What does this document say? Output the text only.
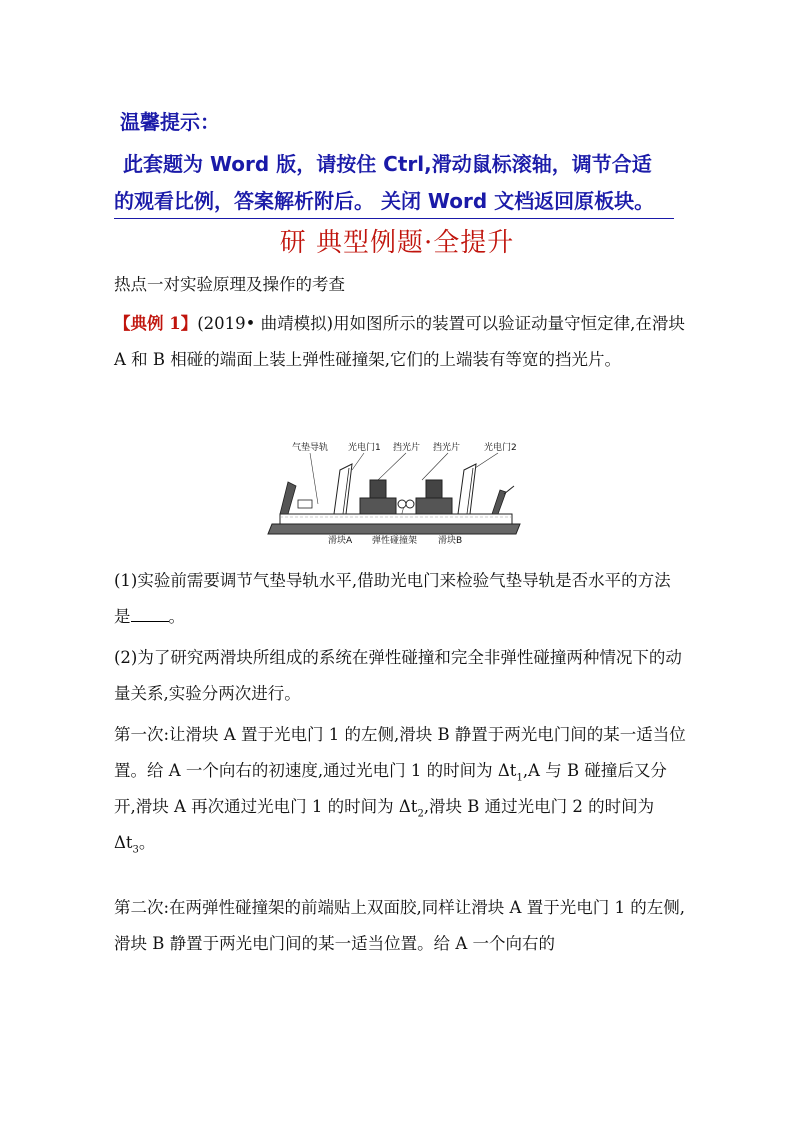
温馨提示：
此套题为 Word 版，请按住 Ctrl,滑动鼠标滚轴，调节合适
的观看比例，答案解析附后。 关闭 Word 文档返回原板块。
研 典型例题·全提升

热点一对实验原理及操作的考查

【典例 1】(2019• 曲靖模拟)用如图所示的装置可以验证动量守恒定律,在滑块 A 和 B 相碰的端面上装上弹性碰撞架,它们的上端装有等宽的挡光片。

气垫导轨 光电门1 挡光片 挡光片	光电门2
滑块A 弹性碰撞架 滑块B

(1)实验前需要调节气垫导轨水平,借助光电门来检验气垫导轨是否水平的方法是 。

(2)为了研究两滑块所组成的系统在弹性碰撞和完全非弹性碰撞两种情况下的动量关系,实验分两次进行。

第一次:让滑块 A 置于光电门 1 的左侧,滑块 B 静置于两光电门间的某一适当位置。给 A 一个向右的初速度,通过光电门 1 的时间为 $\Delta t_1,A$ 与 B 碰撞后又分开,滑块 A 再次通过光电门 1 的时间为 $\Delta t_2$,滑块 B 通过光电门 2 的时间为 $\Delta t_3$。

第二次:在两弹性碰撞架的前端贴上双面胶,同样让滑块 A 置于光电门 1 的左侧,滑块 B 静置于两光电门间的某一适当位置。给 A 一个向右的
